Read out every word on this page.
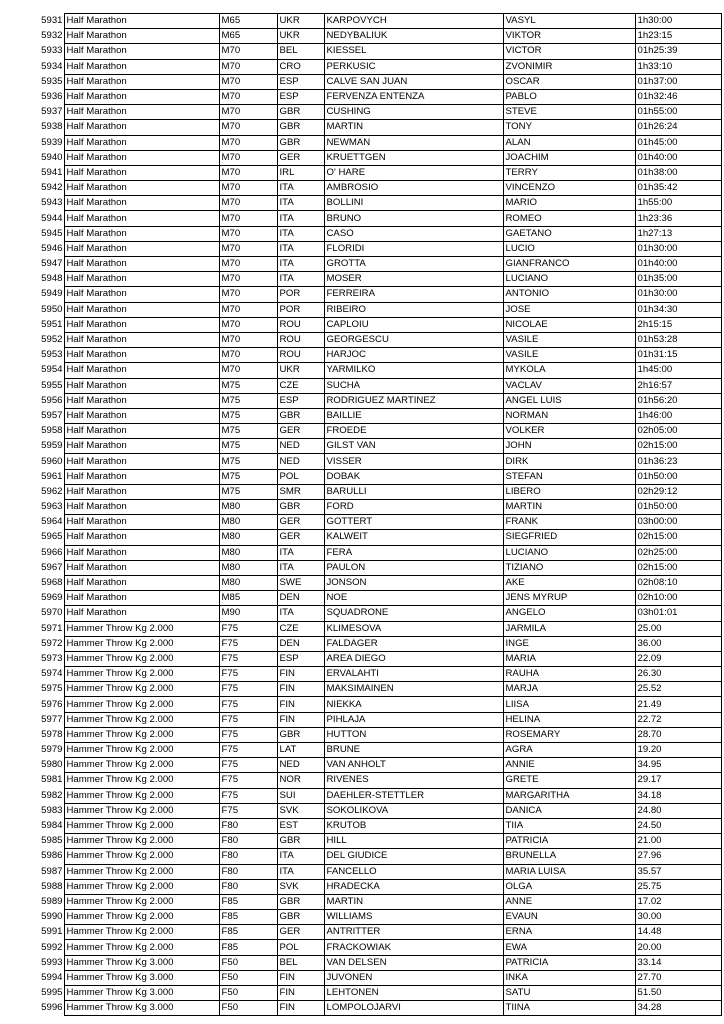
5931	Half Marathon	M65	UKR	KARPOVYCH	VASYL	1h30:00
5932	Half Marathon	M65	UKR	NEDYBALIUK	VIKTOR	1h23:15
5933	Half Marathon	M70	BEL	KIESSEL	VICTOR	01h25:39
5934	Half Marathon	M70	CRO	PERKUSIC	ZVONIMIR	1h33:10
5935	Half Marathon	M70	ESP	CALVE SAN JUAN	OSCAR	01h37:00
5936	Half Marathon	M70	ESP	FERVENZA ENTENZA	PABLO	01h32:46
5937	Half Marathon	M70	GBR	CUSHING	STEVE	01h55:00
5938	Half Marathon	M70	GBR	MARTIN	TONY	01h26:24
5939	Half Marathon	M70	GBR	NEWMAN	ALAN	01h45:00
5940	Half Marathon	M70	GER	KRUETTGEN	JOACHIM	01h40:00
5941	Half Marathon	M70	IRL	O' HARE	TERRY	01h38:00
5942	Half Marathon	M70	ITA	AMBROSIO	VINCENZO	01h35:42
5943	Half Marathon	M70	ITA	BOLLINI	MARIO	1h55:00
5944	Half Marathon	M70	ITA	BRUNO	ROMEO	1h23:36
5945	Half Marathon	M70	ITA	CASO	GAETANO	1h27:13
5946	Half Marathon	M70	ITA	FLORIDI	LUCIO	01h30:00
5947	Half Marathon	M70	ITA	GROTTA	GIANFRANCO	01h40:00
5948	Half Marathon	M70	ITA	MOSER	LUCIANO	01h35:00
5949	Half Marathon	M70	POR	FERREIRA	ANTONIO	01h30:00
5950	Half Marathon	M70	POR	RIBEIRO	JOSE	01h34:30
5951	Half Marathon	M70	ROU	CAPLOIU	NICOLAE	2h15:15
5952	Half Marathon	M70	ROU	GEORGESCU	VASILE	01h53:28
5953	Half Marathon	M70	ROU	HARJOC	VASILE	01h31:15
5954	Half Marathon	M70	UKR	YARMILKO	MYKOLA	1h45:00
5955	Half Marathon	M75	CZE	SUCHA	VACLAV	2h16:57
5956	Half Marathon	M75	ESP	RODRIGUEZ MARTINEZ	ANGEL LUIS	01h56:20
5957	Half Marathon	M75	GBR	BAILLIE	NORMAN	1h46:00
5958	Half Marathon	M75	GER	FROEDE	VOLKER	02h05:00
5959	Half Marathon	M75	NED	GILST VAN	JOHN	02h15:00
5960	Half Marathon	M75	NED	VISSER	DIRK	01h36:23
5961	Half Marathon	M75	POL	DOBAK	STEFAN	01h50:00
5962	Half Marathon	M75	SMR	BARULLI	LIBERO	02h29:12
5963	Half Marathon	M80	GBR	FORD	MARTIN	01h50:00
5964	Half Marathon	M80	GER	GOTTERT	FRANK	03h00:00
5965	Half Marathon	M80	GER	KALWEIT	SIEGFRIED	02h15:00
5966	Half Marathon	M80	ITA	FERA	LUCIANO	02h25:00
5967	Half Marathon	M80	ITA	PAULON	TIZIANO	02h15:00
5968	Half Marathon	M80	SWE	JONSON	AKE	02h08:10
5969	Half Marathon	M85	DEN	NOE	JENS MYRUP	02h10:00
5970	Half Marathon	M90	ITA	SQUADRONE	ANGELO	03h01:01
5971	Hammer Throw Kg 2.000	F75	CZE	KLIMESOVA	JARMILA	25.00
5972	Hammer Throw Kg 2.000	F75	DEN	FALDAGER	INGE	36.00
5973	Hammer Throw Kg 2.000	F75	ESP	AREA DIEGO	MARIA	22.09
5974	Hammer Throw Kg 2.000	F75	FIN	ERVALAHTI	RAUHA	26.30
5975	Hammer Throw Kg 2.000	F75	FIN	MAKSIMAINEN	MARJA	25.52
5976	Hammer Throw Kg 2.000	F75	FIN	NIEKKA	LIISA	21.49
5977	Hammer Throw Kg 2.000	F75	FIN	PIHLAJA	HELINA	22.72
5978	Hammer Throw Kg 2.000	F75	GBR	HUTTON	ROSEMARY	28.70
5979	Hammer Throw Kg 2.000	F75	LAT	BRUNE	AGRA	19.20
5980	Hammer Throw Kg 2.000	F75	NED	VAN ANHOLT	ANNIE	34.95
5981	Hammer Throw Kg 2.000	F75	NOR	RIVENES	GRETE	29.17
5982	Hammer Throw Kg 2.000	F75	SUI	DAEHLER-STETTLER	MARGARITHA	34.18
5983	Hammer Throw Kg 2.000	F75	SVK	SOKOLIKOVA	DANICA	24.80
5984	Hammer Throw Kg 2.000	F80	EST	KRUTOB	TIIA	24.50
5985	Hammer Throw Kg 2.000	F80	GBR	HILL	PATRICIA	21.00
5986	Hammer Throw Kg 2.000	F80	ITA	DEL GIUDICE	BRUNELLA	27.96
5987	Hammer Throw Kg 2.000	F80	ITA	FANCELLO	MARIA LUISA	35.57
5988	Hammer Throw Kg 2.000	F80	SVK	HRADECKA	OLGA	25.75
5989	Hammer Throw Kg 2.000	F85	GBR	MARTIN	ANNE	17.02
5990	Hammer Throw Kg 2.000	F85	GBR	WILLIAMS	EVAUN	30.00
5991	Hammer Throw Kg 2.000	F85	GER	ANTRITTER	ERNA	14.48
5992	Hammer Throw Kg 2.000	F85	POL	FRACKOWIAK	EWA	20.00
5993	Hammer Throw Kg 3.000	F50	BEL	VAN DELSEN	PATRICIA	33.14
5994	Hammer Throw Kg 3.000	F50	FIN	JUVONEN	INKA	27.70
5995	Hammer Throw Kg 3.000	F50	FIN	LEHTONEN	SATU	51.50
5996	Hammer Throw Kg 3.000	F50	FIN	LOMPOLOJARVI	TIINA	34.28
